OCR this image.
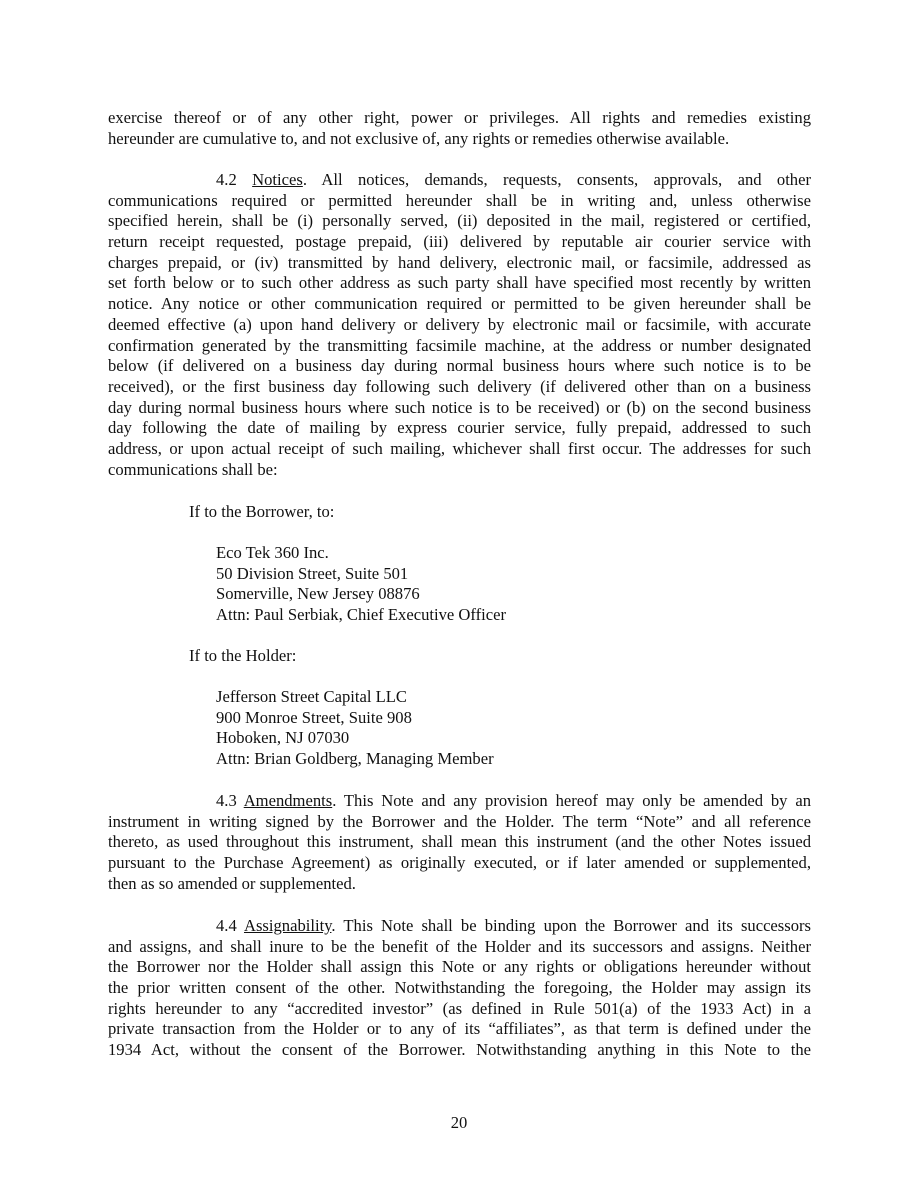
exercise thereof or of any other right, power or privileges. All rights and remedies existing
hereunder are cumulative to, and not exclusive of, any rights or remedies otherwise available.
4.2 Notices. All notices, demands, requests, consents, approvals, and other
communications required or permitted hereunder shall be in writing and, unless otherwise
specified herein, shall be (i) personally served, (ii) deposited in the mail, registered or certified,
return receipt requested, postage prepaid, (iii) delivered by reputable air courier service with
charges prepaid, or (iv) transmitted by hand delivery, electronic mail, or facsimile, addressed as
set forth below or to such other address as such party shall have specified most recently by written
notice. Any notice or other communication required or permitted to be given hereunder shall be
deemed effective (a) upon hand delivery or delivery by electronic mail or facsimile, with accurate
confirmation generated by the transmitting facsimile machine, at the address or number designated
below (if delivered on a business day during normal business hours where such notice is to be
received), or the first business day following such delivery (if delivered other than on a business
day during normal business hours where such notice is to be received) or (b) on the second business
day following the date of mailing by express courier service, fully prepaid, addressed to such
address, or upon actual receipt of such mailing, whichever shall first occur. The addresses for such
communications shall be:
If to the Borrower, to:
Eco Tek 360 Inc.
50 Division Street, Suite 501
Somerville, New Jersey 08876
Attn: Paul Serbiak, Chief Executive Officer
If to the Holder:
Jefferson Street Capital LLC
900 Monroe Street, Suite 908
Hoboken, NJ 07030
Attn: Brian Goldberg, Managing Member
4.3 Amendments. This Note and any provision hereof may only be amended by an
instrument in writing signed by the Borrower and the Holder. The term “Note” and all reference
thereto, as used throughout this instrument, shall mean this instrument (and the other Notes issued
pursuant to the Purchase Agreement) as originally executed, or if later amended or supplemented,
then as so amended or supplemented.
4.4 Assignability. This Note shall be binding upon the Borrower and its successors
and assigns, and shall inure to be the benefit of the Holder and its successors and assigns. Neither
the Borrower nor the Holder shall assign this Note or any rights or obligations hereunder without
the prior written consent of the other. Notwithstanding the foregoing, the Holder may assign its
rights hereunder to any “accredited investor” (as defined in Rule 501(a) of the 1933 Act) in a
private transaction from the Holder or to any of its “affiliates”, as that term is defined under the
1934 Act, without the consent of the Borrower. Notwithstanding anything in this Note to the
20
